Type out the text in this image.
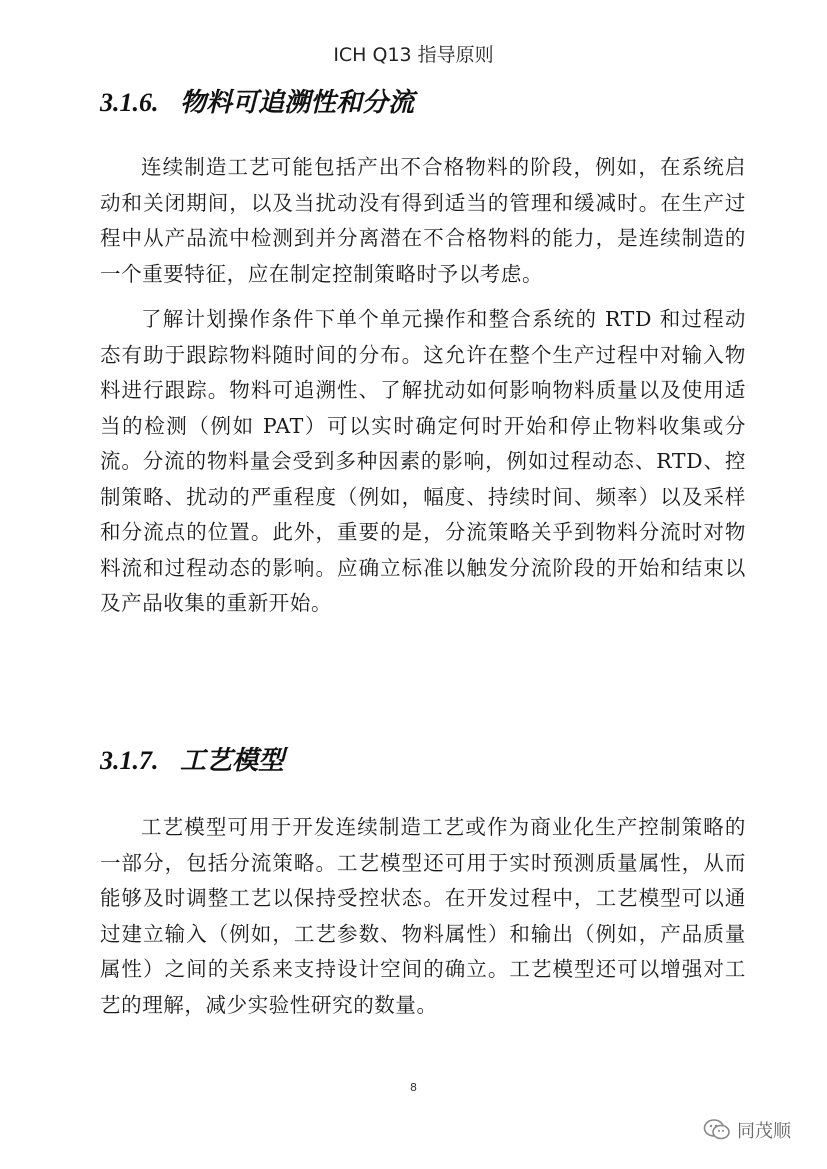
ICH Q13 指导原则
3.1.6. 物料可追溯性和分流

连续制造工艺可能包括产出不合格物料的阶段，例如，在系统启动和关闭期间，以及当扰动没有得到适当的管理和缓减时。在生产过程中从产品流中检测到并分离潜在不合格物料的能力，是连续制造的一个重要特征，应在制定控制策略时予以考虑。

了解计划操作条件下单个单元操作和整合系统的 RTD 和过程动态有助于跟踪物料随时间的分布。这允许在整个生产过程中对输入物料进行跟踪。物料可追溯性、了解扰动如何影响物料质量以及使用适当的检测（例如 PAT）可以实时确定何时开始和停止物料收集或分流。分流的物料量会受到多种因素的影响，例如过程动态、RTD、控制策略、扰动的严重程度（例如，幅度、持续时间、频率）以及采样和分流点的位置。此外，重要的是，分流策略关乎到物料分流时对物料流和过程动态的影响。应确立标准以触发分流阶段的开始和结束以及产品收集的重新开始。

3.1.7. 工艺模型

工艺模型可用于开发连续制造工艺或作为商业化生产控制策略的一部分，包括分流策略。工艺模型还可用于实时预测质量属性，从而能够及时调整工艺以保持受控状态。在开发过程中，工艺模型可以通过建立输入（例如，工艺参数、物料属性）和输出（例如，产品质量属性）之间的关系来支持设计空间的确立。工艺模型还可以增强对工艺的理解，减少实验性研究的数量。

8
同茂顺
